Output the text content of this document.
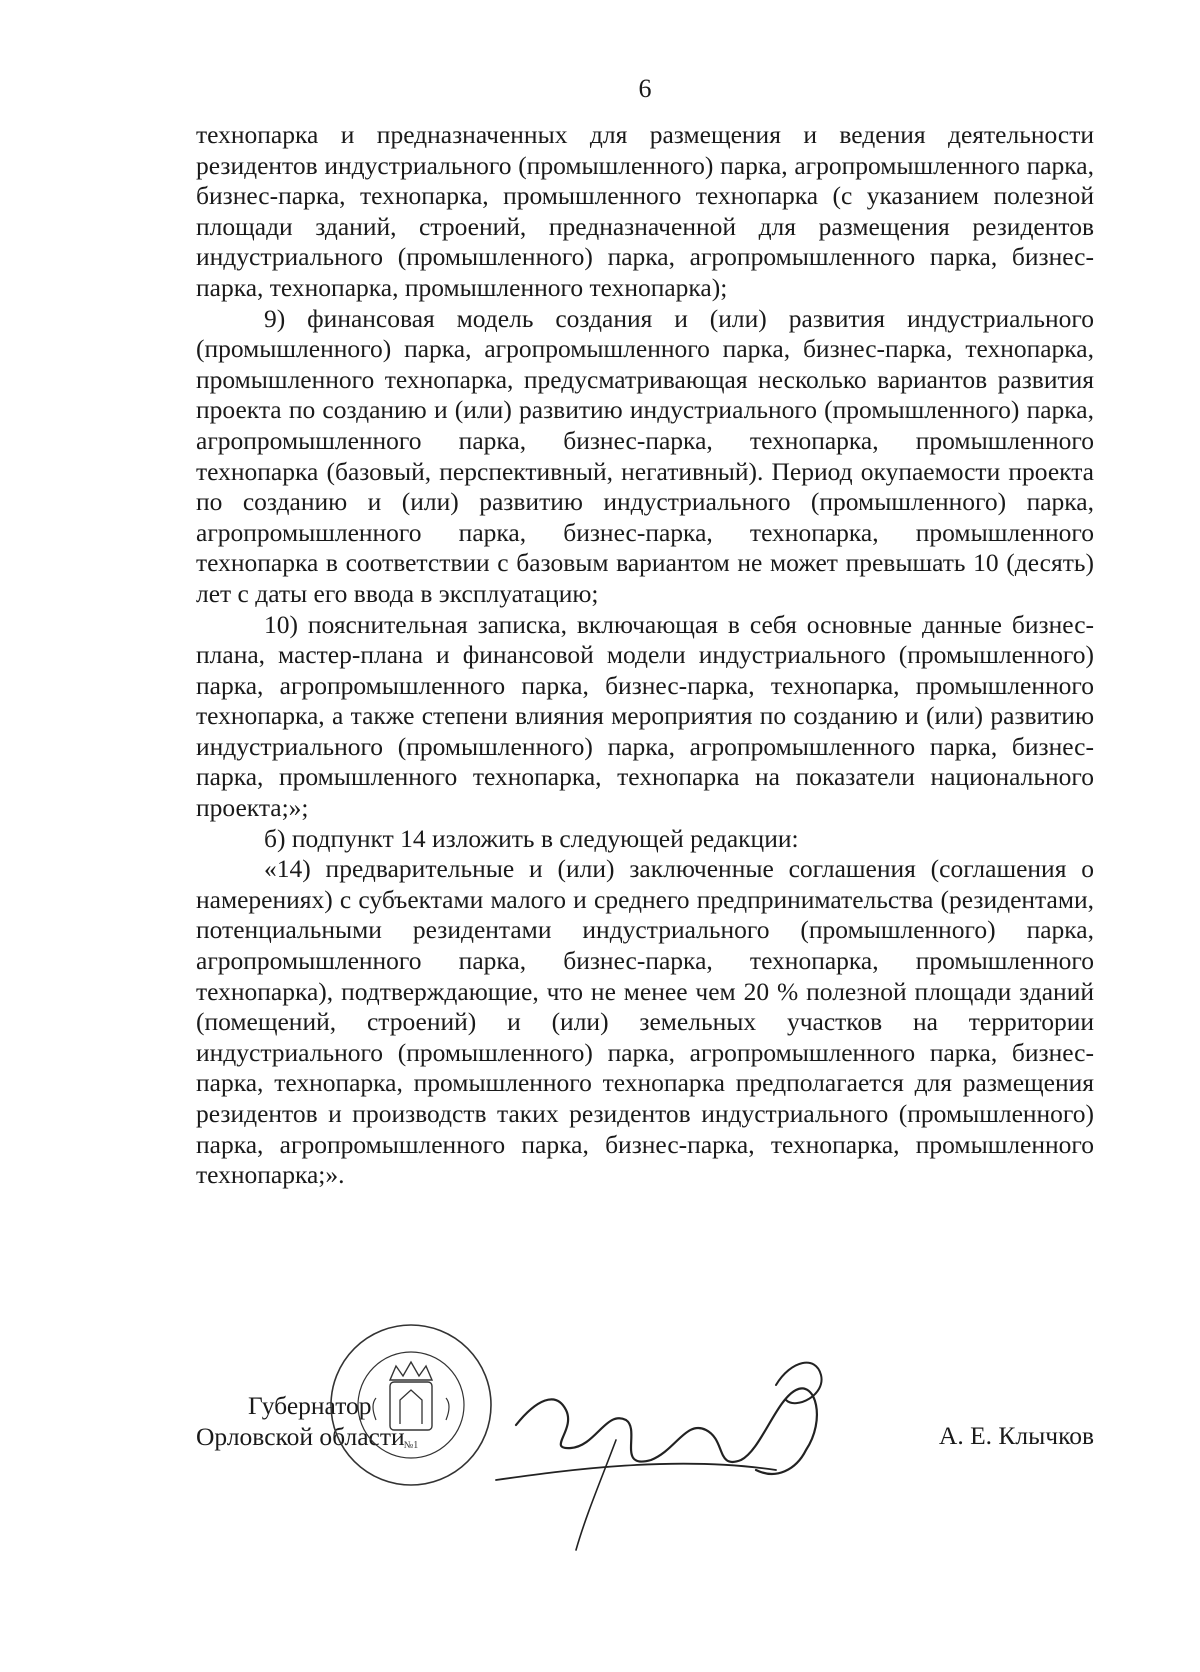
6

технопарка и предназначенных для размещения и ведения деятельности резидентов индустриального (промышленного) парка, агропромышленного парка, бизнес-парка, технопарка, промышленного технопарка (с указанием полезной площади зданий, строений, предназначенной для размещения резидентов индустриального (промышленного) парка, агропромышленного парка, бизнес-парка, технопарка, промышленного технопарка);

9) финансовая модель создания и (или) развития индустриального (промышленного) парка, агропромышленного парка, бизнес-парка, технопарка, промышленного технопарка, предусматривающая несколько вариантов развития проекта по созданию и (или) развитию индустриального (промышленного) парка, агропромышленного парка, бизнес-парка, технопарка, промышленного технопарка (базовый, перспективный, негативный). Период окупаемости проекта по созданию и (или) развитию индустриального (промышленного) парка, агропромышленного парка, бизнес-парка, технопарка, промышленного технопарка в соответствии с базовым вариантом не может превышать 10 (десять) лет с даты его ввода в эксплуатацию;

10) пояснительная записка, включающая в себя основные данные бизнес-плана, мастер-плана и финансовой модели индустриального (промышленного) парка, агропромышленного парка, бизнес-парка, технопарка, промышленного технопарка, а также степени влияния мероприятия по созданию и (или) развитию индустриального (промышленного) парка, агропромышленного парка, бизнес-парка, промышленного технопарка, технопарка на показатели национального проекта;»;

б) подпункт 14 изложить в следующей редакции:

«14) предварительные и (или) заключенные соглашения (соглашения о намерениях) с субъектами малого и среднего предпринимательства (резидентами, потенциальными резидентами индустриального (промышленного) парка, агропромышленного парка, бизнес-парка, технопарка, промышленного технопарка), подтверждающие, что не менее чем 20 % полезной площади зданий (помещений, строений) и (или) земельных участков на территории индустриального (промышленного) парка, агропромышленного парка, бизнес-парка, технопарка, промышленного технопарка предполагается для размещения резидентов и производств таких резидентов индустриального (промышленного) парка, агропромышленного парка, бизнес-парка, технопарка, промышленного технопарка;».

Губернатор
Орловской области №1	А. Е. Клычков
